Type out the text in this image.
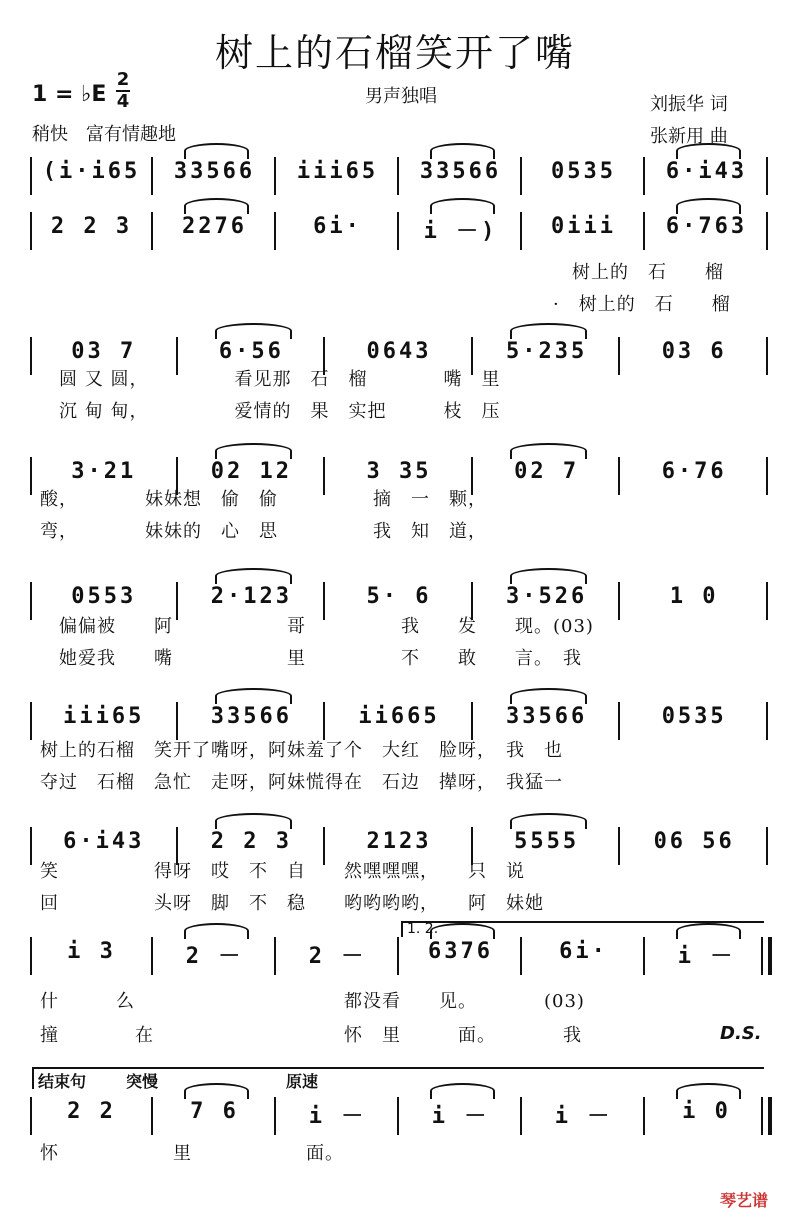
树上的石榴笑开了嘴
1 = ♭E
2
4	男声独唱	刘振华 词
张新用 曲
稍快　富有情趣地
(i·i65	33566	iii65	33566	0535	6·i43
2 2 3	2276	6i·	i －)	0iii	6·763
　　　　　　　　　　　　　　　　　　　　　　　　　　　　树上的　石　　榴
　　　　　　　　　　　　　　　　　　　　　　　　　　　·　树上的　石　　榴
03 7	6·56	0643	5·235	03 6
　圆 又 圆，　　　　　看见那　石　榴　　　　嘴　里
　沉 甸 甸，　　　　　爱情的　果　实把　　　枝　压
3·21	02 12	3 35	02 7	6·76
酸，　　　　妹妹想　偷　偷　　　　　摘　一　颗，
弯，　　　　妹妹的　心　思　　　　　我　知　道，
0553	2·123	5· 6	3·526	1 0
　偏偏被　　阿　　　　　　哥　　　　　我　　发　　现。(03)
　她爱我　　嘴　　　　　　里　　　　　不　　敢　　言。　我
iii65	33566	ii665	33566	0535
树上的石榴　笑开了嘴呀，阿妹羞了个　大红　脸呀，　我　也
夺过　石榴　急忙　走呀，阿妹慌得在　石边　撵呀，　我猛一
6·i43	2 2 3	2123	5555	06 56
笑　　　　　得呀　哎　不　自　　然嘿嘿嘿，　　只　说
回　　　　　头呀　脚　不　稳　　哟哟哟哟，　　阿　妹她
i 3	2 －	2 －	6376	6i·	i －
什　　　么　　　　　　　　　　　都没看　　见。　　　　(03)
撞　　　　在　　　　　　　　　　怀　里　　　面。　　　　我
1. 2.
D.S.
2 2	7 6	i －	i －	i －	i 0
怀　　　　　　里　　　　　　面。
结束句 突慢	原速
琴艺谱
